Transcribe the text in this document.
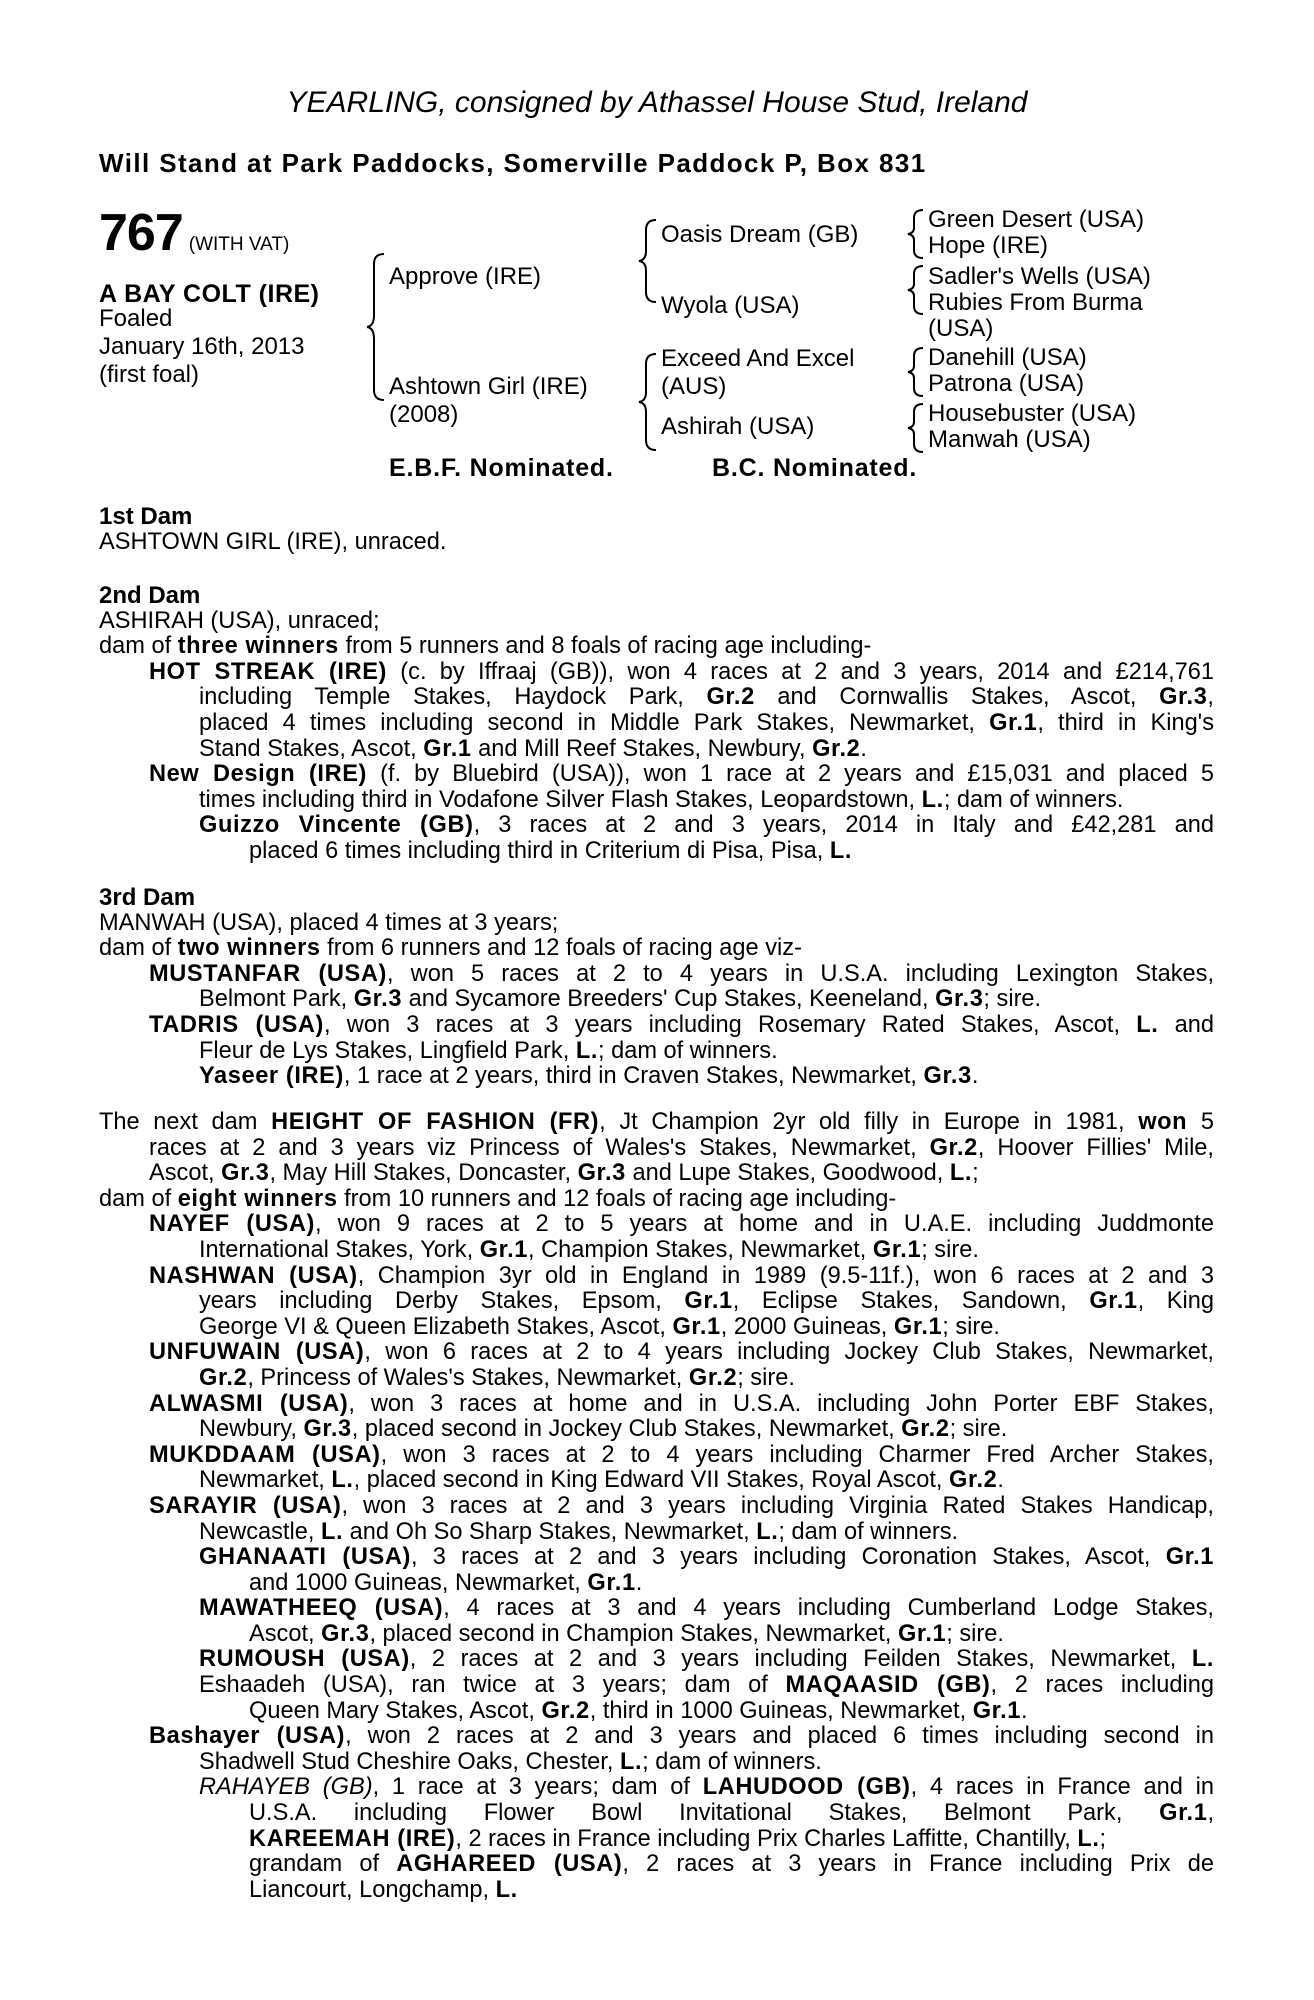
YEARLING, consigned by Athassel House Stud, Ireland
Will Stand at Park Paddocks, Somerville Paddock P, Box 831
767 (WITH VAT)
A BAY COLT (IRE)
Foaled
January 16th, 2013
(first foal)
Approve (IRE)
Ashtown Girl (IRE)
(2008)
Oasis Dream (GB)
Wyola (USA)
Exceed And Excel
(AUS)
Ashirah (USA)
Green Desert (USA)
Hope (IRE)
Sadler's Wells (USA)
Rubies From Burma
(USA)
Danehill (USA)
Patrona (USA)
Housebuster (USA)
Manwah (USA)
E.B.F. Nominated.	B.C. Nominated.
1st Dam
ASHTOWN GIRL (IRE), unraced.
2nd Dam
ASHIRAH (USA), unraced;
dam of three winners from 5 runners and 8 foals of racing age including-
HOT STREAK (IRE) (c. by Iffraaj (GB)), won 4 races at 2 and 3 years, 2014 and £214,761
including Temple Stakes, Haydock Park, Gr.2 and Cornwallis Stakes, Ascot, Gr.3,
placed 4 times including second in Middle Park Stakes, Newmarket, Gr.1, third in King's
Stand Stakes, Ascot, Gr.1 and Mill Reef Stakes, Newbury, Gr.2.
New Design (IRE) (f. by Bluebird (USA)), won 1 race at 2 years and £15,031 and placed 5
times including third in Vodafone Silver Flash Stakes, Leopardstown, L.; dam of winners.
Guizzo Vincente (GB), 3 races at 2 and 3 years, 2014 in Italy and £42,281 and
placed 6 times including third in Criterium di Pisa, Pisa, L.
3rd Dam
MANWAH (USA), placed 4 times at 3 years;
dam of two winners from 6 runners and 12 foals of racing age viz-
MUSTANFAR (USA), won 5 races at 2 to 4 years in U.S.A. including Lexington Stakes,
Belmont Park, Gr.3 and Sycamore Breeders' Cup Stakes, Keeneland, Gr.3; sire.
TADRIS (USA), won 3 races at 3 years including Rosemary Rated Stakes, Ascot, L. and
Fleur de Lys Stakes, Lingfield Park, L.; dam of winners.
Yaseer (IRE), 1 race at 2 years, third in Craven Stakes, Newmarket, Gr.3.
The next dam HEIGHT OF FASHION (FR), Jt Champion 2yr old filly in Europe in 1981, won 5
races at 2 and 3 years viz Princess of Wales's Stakes, Newmarket, Gr.2, Hoover Fillies' Mile,
Ascot, Gr.3, May Hill Stakes, Doncaster, Gr.3 and Lupe Stakes, Goodwood, L.;
dam of eight winners from 10 runners and 12 foals of racing age including-
NAYEF (USA), won 9 races at 2 to 5 years at home and in U.A.E. including Juddmonte
International Stakes, York, Gr.1, Champion Stakes, Newmarket, Gr.1; sire.
NASHWAN (USA), Champion 3yr old in England in 1989 (9.5-11f.), won 6 races at 2 and 3
years including Derby Stakes, Epsom, Gr.1, Eclipse Stakes, Sandown, Gr.1, King
George VI & Queen Elizabeth Stakes, Ascot, Gr.1, 2000 Guineas, Gr.1; sire.
UNFUWAIN (USA), won 6 races at 2 to 4 years including Jockey Club Stakes, Newmarket,
Gr.2, Princess of Wales's Stakes, Newmarket, Gr.2; sire.
ALWASMI (USA), won 3 races at home and in U.S.A. including John Porter EBF Stakes,
Newbury, Gr.3, placed second in Jockey Club Stakes, Newmarket, Gr.2; sire.
MUKDDAAM (USA), won 3 races at 2 to 4 years including Charmer Fred Archer Stakes,
Newmarket, L., placed second in King Edward VII Stakes, Royal Ascot, Gr.2.
SARAYIR (USA), won 3 races at 2 and 3 years including Virginia Rated Stakes Handicap,
Newcastle, L. and Oh So Sharp Stakes, Newmarket, L.; dam of winners.
GHANAATI (USA), 3 races at 2 and 3 years including Coronation Stakes, Ascot, Gr.1
and 1000 Guineas, Newmarket, Gr.1.
MAWATHEEQ (USA), 4 races at 3 and 4 years including Cumberland Lodge Stakes,
Ascot, Gr.3, placed second in Champion Stakes, Newmarket, Gr.1; sire.
RUMOUSH (USA), 2 races at 2 and 3 years including Feilden Stakes, Newmarket, L.
Eshaadeh (USA), ran twice at 3 years; dam of MAQAASID (GB), 2 races including
Queen Mary Stakes, Ascot, Gr.2, third in 1000 Guineas, Newmarket, Gr.1.
Bashayer (USA), won 2 races at 2 and 3 years and placed 6 times including second in
Shadwell Stud Cheshire Oaks, Chester, L.; dam of winners.
RAHAYEB (GB), 1 race at 3 years; dam of LAHUDOOD (GB), 4 races in France and in
U.S.A. including Flower Bowl Invitational Stakes, Belmont Park, Gr.1,
KAREEMAH (IRE), 2 races in France including Prix Charles Laffitte, Chantilly, L.;
grandam of AGHAREED (USA), 2 races at 3 years in France including Prix de
Liancourt, Longchamp, L.
